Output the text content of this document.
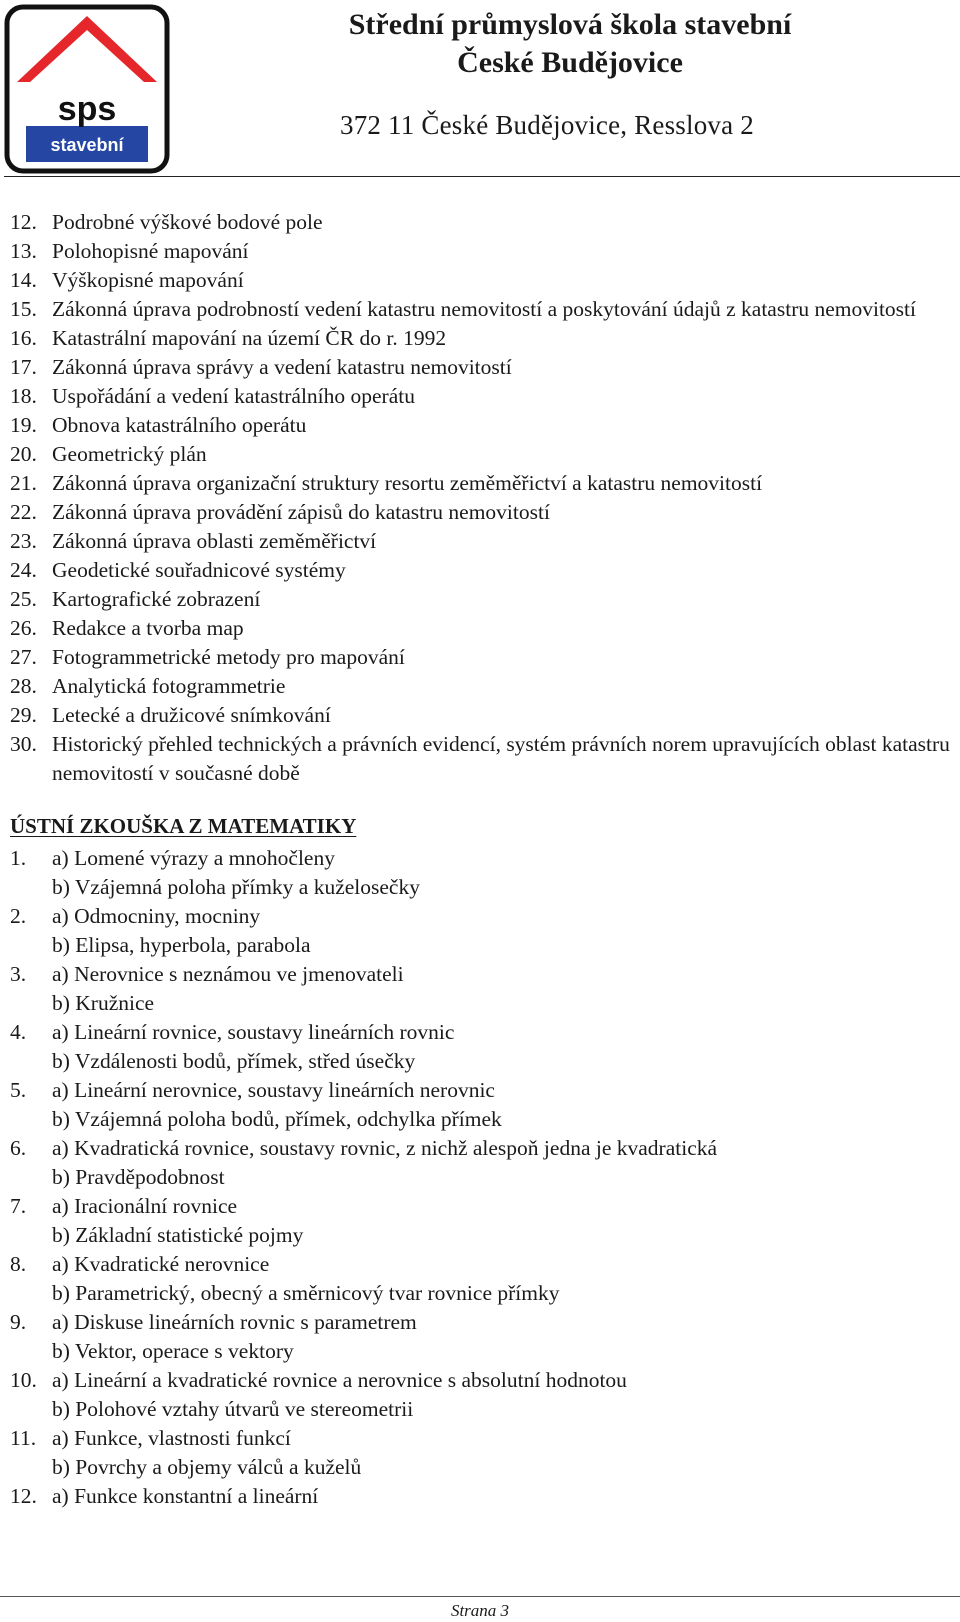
sps
stavební
Střední průmyslová škola stavební
České Budějovice
372 11 České Budějovice, Resslova 2
12. Podrobné výškové bodové pole
13. Polohopisné mapování
14. Výškopisné mapování
15. Zákonná úprava podrobností vedení katastru nemovitostí a poskytování údajů z katastru nemovitostí
16. Katastrální mapování na území ČR do r. 1992
17. Zákonná úprava správy a vedení katastru nemovitostí
18. Uspořádání a vedení katastrálního operátu
19. Obnova katastrálního operátu
20. Geometrický plán
21. Zákonná úprava organizační struktury resortu zeměměřictví a katastru nemovitostí
22. Zákonná úprava provádění zápisů do katastru nemovitostí
23. Zákonná úprava oblasti zeměměřictví
24. Geodetické souřadnicové systémy
25. Kartografické zobrazení
26. Redakce a tvorba map
27. Fotogrammetrické metody pro mapování
28. Analytická fotogrammetrie
29. Letecké a družicové snímkování
30. Historický přehled technických a právních evidencí, systém právních norem upravujících oblast katastru nemovitostí v současné době
ÚSTNÍ ZKOUŠKA Z MATEMATIKY
1. a) Lomené výrazy a mnohočleny
b) Vzájemná poloha přímky a kuželosečky
2. a) Odmocniny, mocniny
b) Elipsa, hyperbola, parabola
3. a) Nerovnice s neznámou ve jmenovateli
b) Kružnice
4. a) Lineární rovnice, soustavy lineárních rovnic
b) Vzdálenosti bodů, přímek, střed úsečky
5. a) Lineární nerovnice, soustavy lineárních nerovnic
b) Vzájemná poloha bodů, přímek, odchylka přímek
6. a) Kvadratická rovnice, soustavy rovnic, z nichž alespoň jedna je kvadratická
b) Pravděpodobnost
7. a) Iracionální rovnice
b) Základní statistické pojmy
8. a) Kvadratické nerovnice
b) Parametrický, obecný a směrnicový tvar rovnice přímky
9. a) Diskuse lineárních rovnic s parametrem
b) Vektor, operace s vektory
10. a) Lineární a kvadratické rovnice a nerovnice s absolutní hodnotou
b) Polohové vztahy útvarů ve stereometrii
11. a) Funkce, vlastnosti funkcí
b) Povrchy a objemy válců a kuželů
12. a) Funkce konstantní a lineární
Strana 3
